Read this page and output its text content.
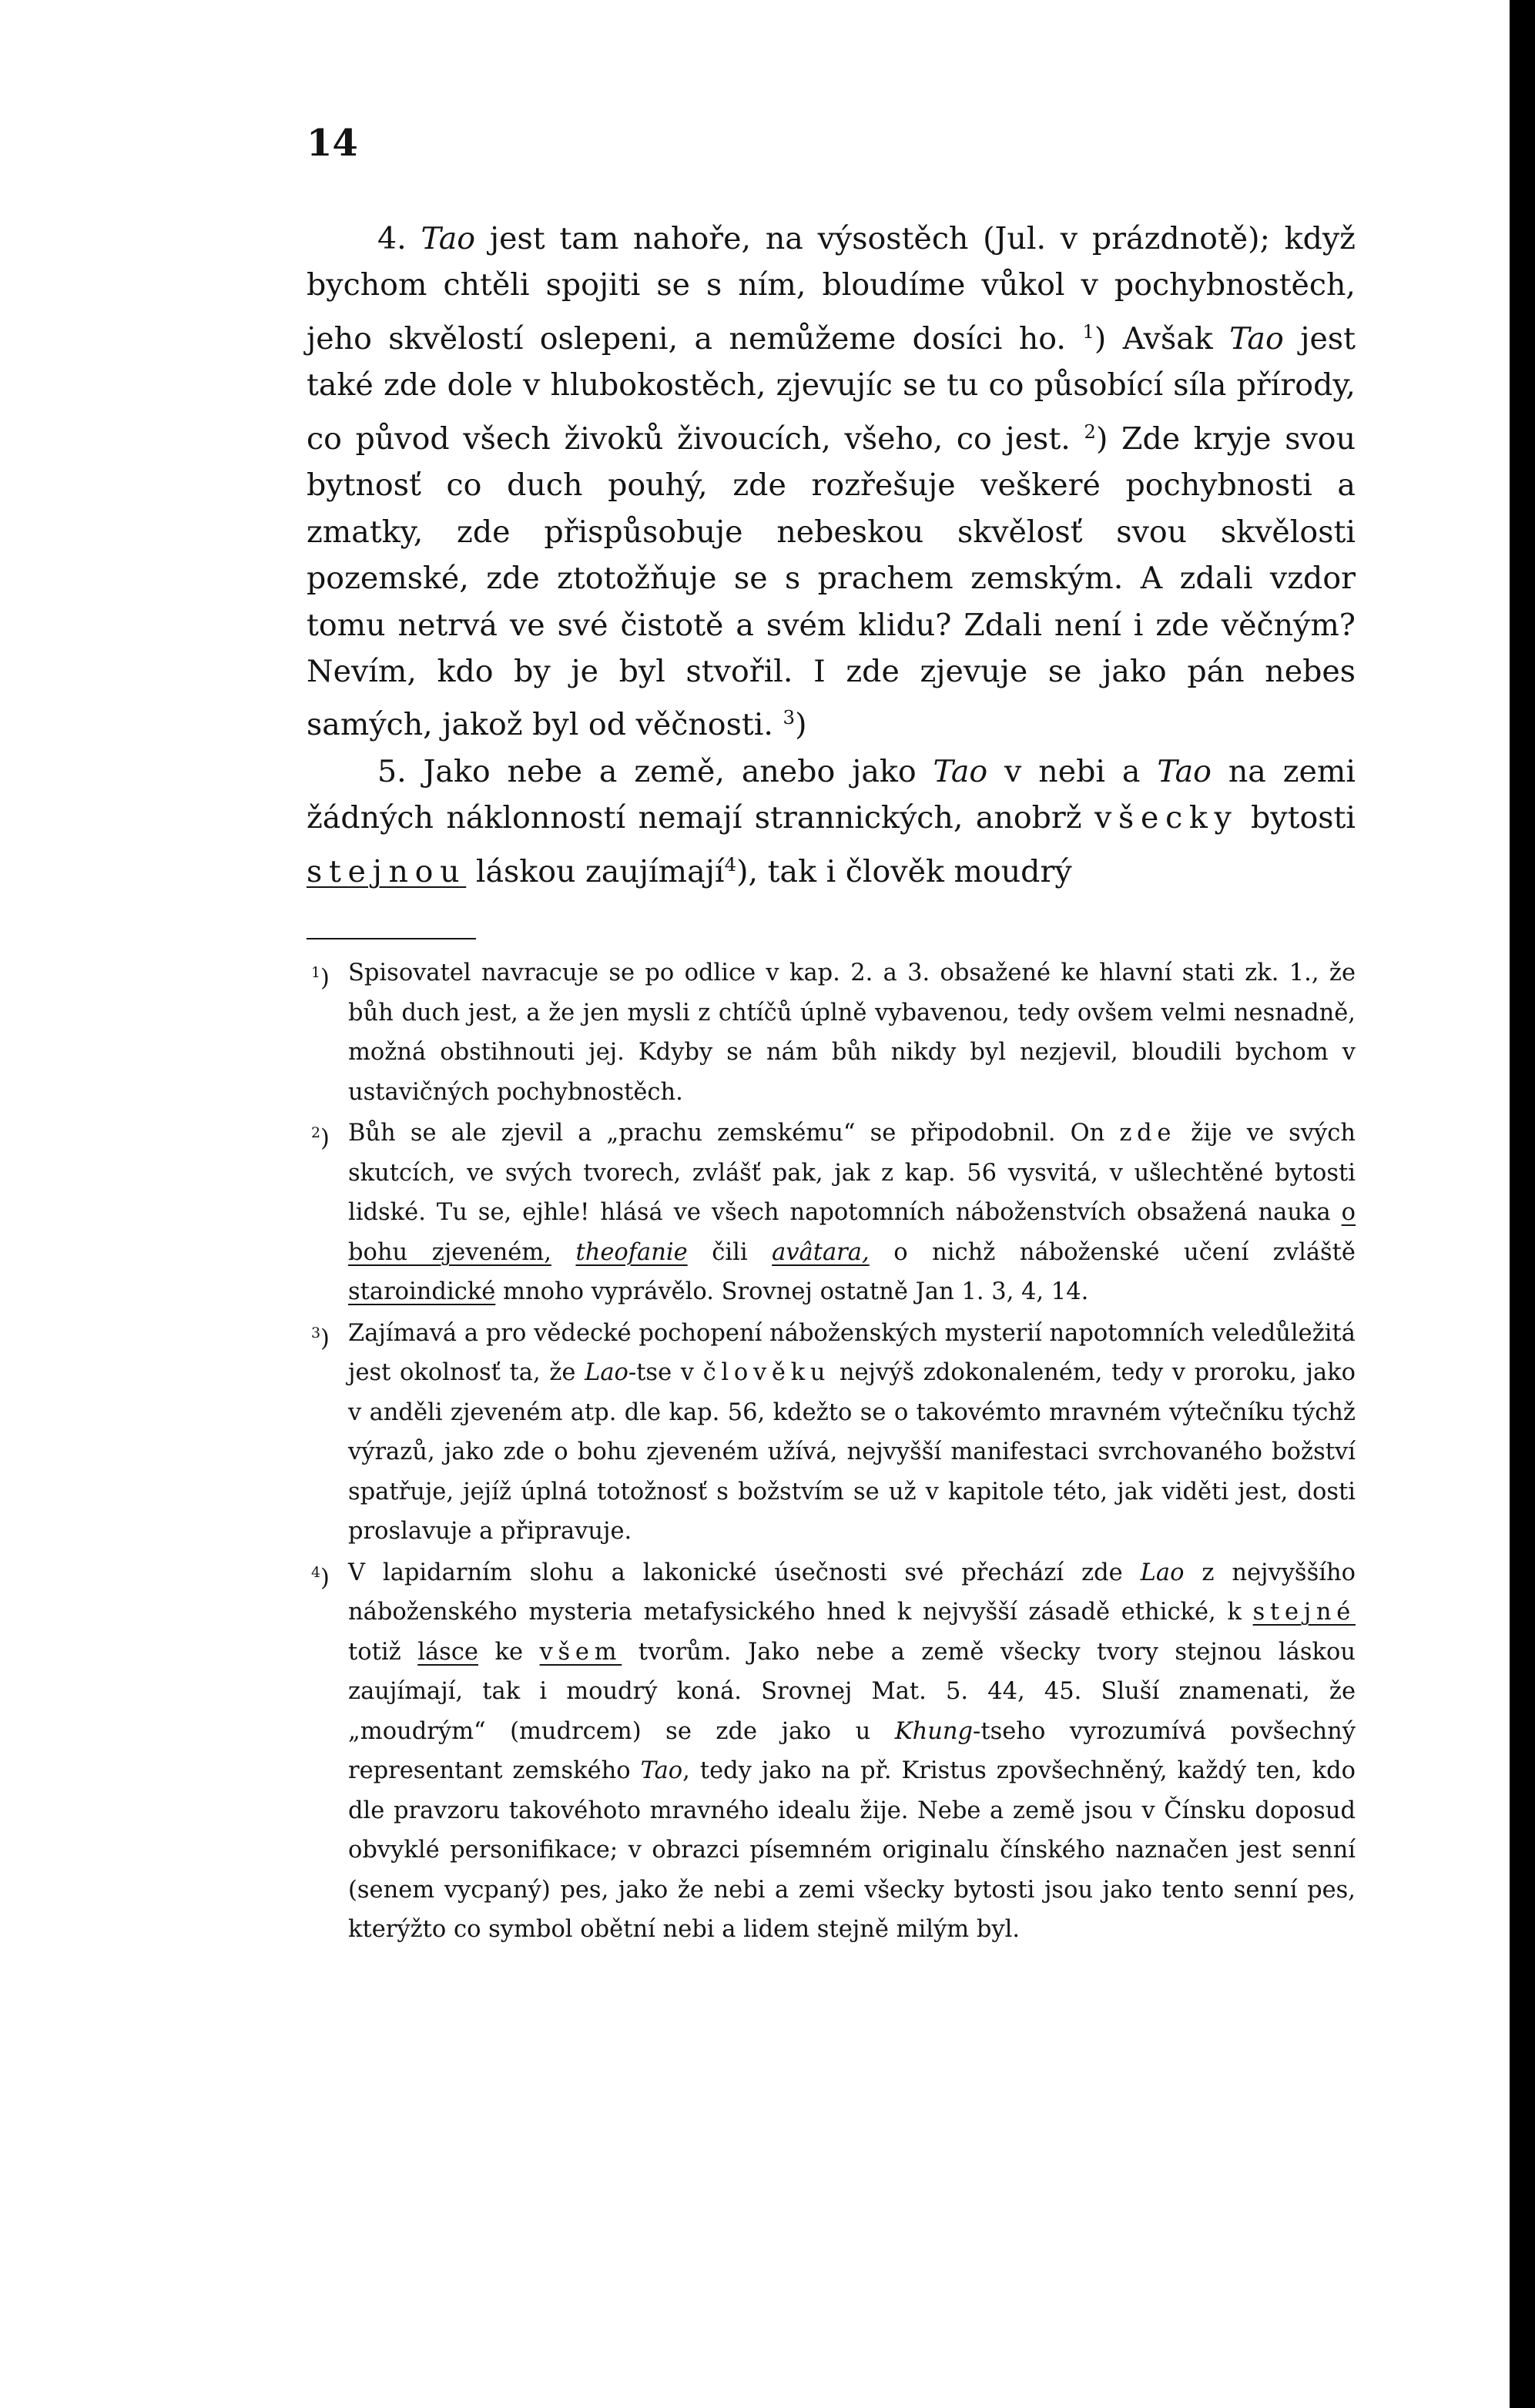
14

4. Tao jest tam nahoře, na výsostěch (Jul. v prázdnotě); když bychom chtěli spojiti se s ním, bloudíme vůkol v pochybnostěch, jeho skvělostí oslepeni, a nemůžeme dosíci ho. $^1$) Avšak Tao jest také zde dole v hlubokostěch, zjevujíc se tu co působící síla přírody, co původ všech živoků živoucích, všeho, co jest. $^2$) Zde kryje svou bytnosť co duch pouhý, zde rozřešuje veškeré pochybnosti a zmatky, zde přispůsobuje nebeskou skvělosť svou skvělosti pozemské, zde ztotožňuje se s prachem zemským. A zdali vzdor tomu netrvá ve své čistotě a svém klidu? Zdali není i zde věčným? Nevím, kdo by je byl stvořil. I zde zjevuje se jako pán nebes samých, jakož byl od věčnosti. $^3$)

5. Jako nebe a země, anebo jako Tao v nebi a Tao na zemi žádných náklonností nemají strannických, anobrž všecky bytosti stejnou láskou zaujímají$^4$), tak i člověk moudrý

$^1$) Spisovatel navracuje se po odlice v kap. 2. a 3. obsažené ke hlavní stati zk. 1., že bůh duch jest, a že jen mysli z chtíčů úplně vybavenou, tedy ovšem velmi nesnadně, možná obstihnouti jej. Kdyby se nám bůh nikdy byl nezjevil, bloudili bychom v ustavičných pochybnostěch.

$^2$) Bůh se ale zjevil a „prachu zemskému“ se připodobnil. On zde žije ve svých skutcích, ve svých tvorech, zvlášť pak, jak z kap. 56 vysvitá, v ušlechtěné bytosti lidské. Tu se, ejhle! hlásá ve všech napotomních náboženstvích obsažená nauka o bohu zjeveném, theofanie čili avâtara, o nichž náboženské učení zvláště staroindické mnoho vyprávělo. Srovnej ostatně Jan 1. 3, 4, 14.

$^3$) Zajímavá a pro vědecké pochopení náboženských mysterií napotomních veledůležitá jest okolnosť ta, že Lao-tse v člověku nejvýš zdokonaleném, tedy v proroku, jako v anděli zjeveném atp. dle kap. 56, kdežto se o takovémto mravném výtečníku týchž výrazů, jako zde o bohu zjeveném užívá, nejvyšší manifestaci svrchovaného božství spatřuje, jejíž úplná totožnosť s božstvím se už v kapitole této, jak viděti jest, dosti proslavuje a připravuje.

$^4$) V lapidarním slohu a lakonické úsečnosti své přechází zde Lao z nejvyššího náboženského mysteria metafysického hned k nejvyšší zásadě ethické, k stejné totiž lásce ke všem tvorům. Jako nebe a země všecky tvory stejnou láskou zaujímají, tak i moudrý koná. Srovnej Mat. 5. 44, 45. Sluší znamenati, že „moudrým“ (mudrcem) se zde jako u Khung-tseho vyrozumívá povšechný representant zemského Tao, tedy jako na př. Kristus zpovšechněný, každý ten, kdo dle pravzoru takovéhoto mravného idealu žije. Nebe a země jsou v Čínsku doposud obvyklé personifikace; v obrazci písemném originalu čínského naznačen jest senní (senem vycpaný) pes, jako že nebi a zemi všecky bytosti jsou jako tento senní pes, kterýžto co symbol obětní nebi a lidem stejně milým byl.
